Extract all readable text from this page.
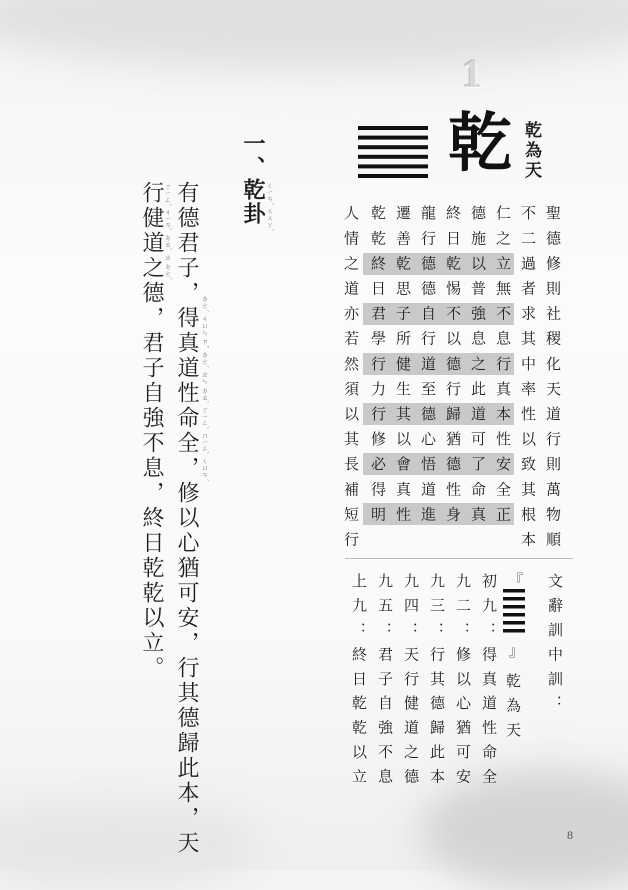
1
乾 乾為天
聖德修則社稷化天道行則萬物順
不二過者求其中率性以致其根本
仁之立無不息行真本性安全正
德施以普強息之此道可了命真
終日乾惕不以德行歸猶德性身
龍行德德自行道至德心悟道進
遷善乾思子所健生其以會真性
乾乾終日君學行力行修必得明
人情之道亦若然須以其長補短行
文辭訓中訓：
『
』
乾為天
初九：得真道性命全
九二：修以心猶可安
九三：行其德歸此本
九四：天行健道之德
九五：君子自強不息
上九：終日乾乾以立
一、
乾卦 ㄑㄧㄢˊ ㄍㄨㄚˋ
行健道之德，君子自強不息，終日乾乾以立。 有德君子，得真道性命全，修以心猶可安，行其德歸此本，天
ㄒㄧㄥˊ ㄐㄧㄢˋ ㄉㄠˋ ㄓ ㄉㄜˊ
ㄉㄜˊ ㄐㄩㄣ ㄗˇ ㄉㄜˊ ㄓㄣ ㄉㄠˋ ㄒㄧㄥˋ ㄇㄧㄥˋ ㄑㄩㄢˊ
8
